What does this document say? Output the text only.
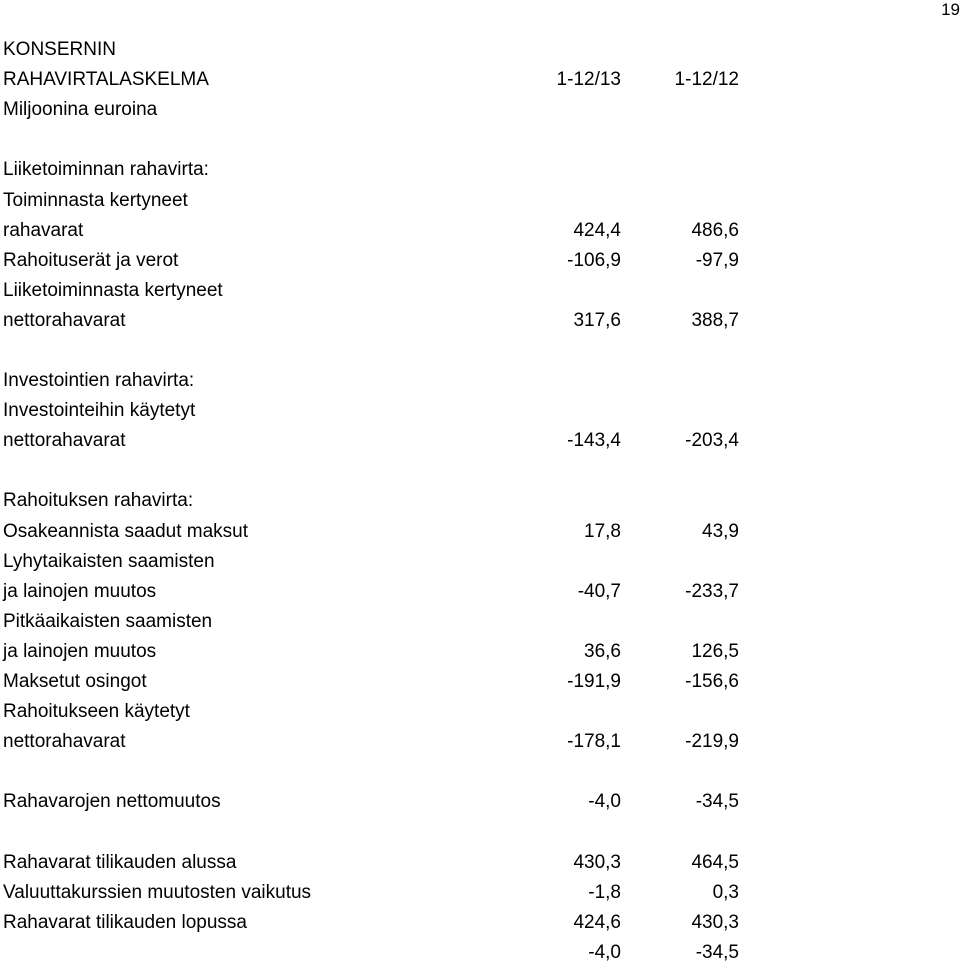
19
KONSERNIN
RAHAVIRTALASKELMA	1-12/13	1-12/12
Miljoonina euroina
Liiketoiminnan rahavirta:
Toiminnasta kertyneet
rahavarat	424,4	486,6
Rahoituserät ja verot	-106,9	-97,9
Liiketoiminnasta kertyneet
nettorahavarat	317,6	388,7
Investointien rahavirta:
Investointeihin käytetyt
nettorahavarat	-143,4	-203,4
Rahoituksen rahavirta:
Osakeannista saadut maksut	17,8	43,9
Lyhytaikaisten saamisten
ja lainojen muutos	-40,7	-233,7
Pitkäaikaisten saamisten
ja lainojen muutos	36,6	126,5
Maksetut osingot	-191,9	-156,6
Rahoitukseen käytetyt
nettorahavarat	-178,1	-219,9
Rahavarojen nettomuutos	-4,0	-34,5
Rahavarat tilikauden alussa	430,3	464,5
Valuuttakurssien muutosten vaikutus	-1,8	0,3
Rahavarat tilikauden lopussa	424,6	430,3
-4,0	-34,5
